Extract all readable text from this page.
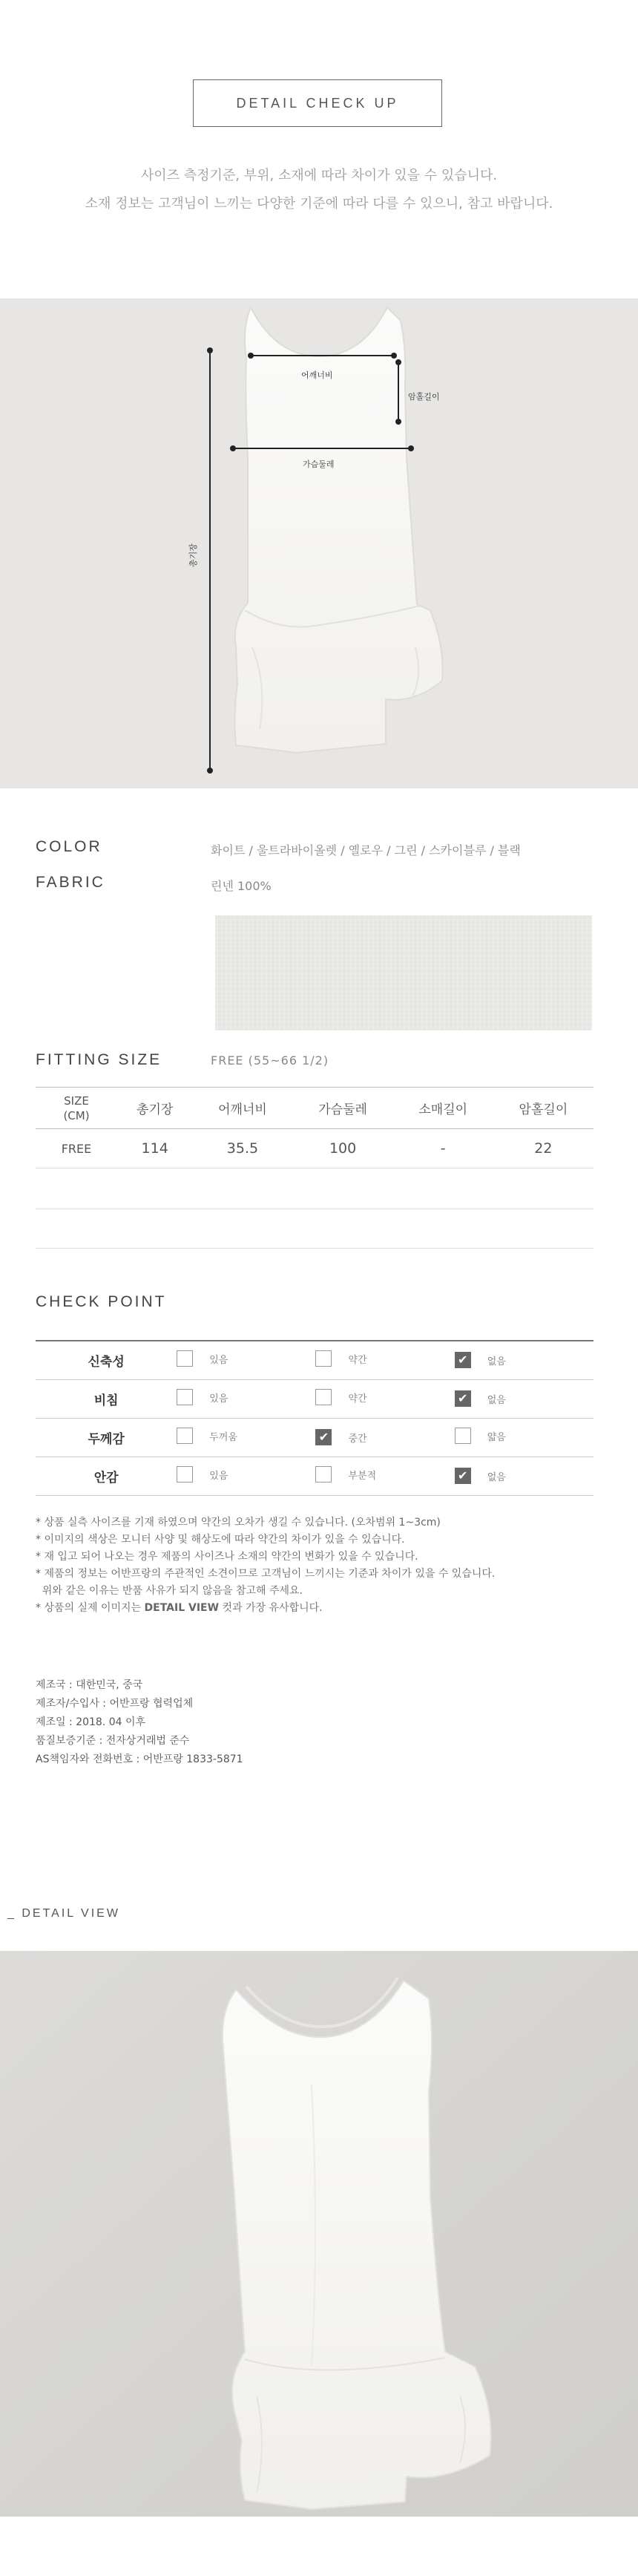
DETAIL CHECK UP
사이즈 측정기준, 부위, 소재에 따라 차이가 있을 수 있습니다.
소재 정보는 고객님이 느끼는 다양한 기준에 따라 다를 수 있으니, 참고 바랍니다.
어깨너비
암홀길이
가슴둘레
총기장
COLOR	화이트 / 울트라바이올렛 / 옐로우 / 그린 / 스카이블루 / 블랙
FABRIC	린넨 100%
FITTING SIZE	FREE (55~66 1/2)
SIZE
(CM)	총기장	어깨너비	가슴둘레	소매길이	암홀길이
FREE	114	35.5	100	-	22
CHECK POINT
신축성	있음	약간	✔ 없음

비침	있음	약간	✔ 없음

두께감	두꺼움	✔ 중간	얇음

안감	있음	부분적	✔ 없음
* 상품 실측 사이즈를 기재 하였으며 약간의 오차가 생길 수 있습니다. (오차범위 1~3cm)
* 이미지의 색상은 모니터 사양 및 해상도에 따라 약간의 차이가 있을 수 있습니다.
* 재 입고 되어 나오는 경우 제품의 사이즈나 소재의 약간의 변화가 있을 수 있습니다.
* 제품의 정보는 어반프랑의 주관적인 소견이므로 고객님이 느끼시는 기준과 차이가 있을 수 있습니다.
위와 같은 이유는 반품 사유가 되지 않음을 참고해 주세요.
* 상품의 실제 이미지는 DETAIL VIEW 컷과 가장 유사합니다.
제조국 : 대한민국, 중국
제조자/수입사 : 어반프랑 협력업체
제조일 : 2018. 04 이후
품질보증기준 : 전자상거래법 준수
AS책임자와 전화번호 : 어반프랑 1833-5871
_ DETAIL VIEW
